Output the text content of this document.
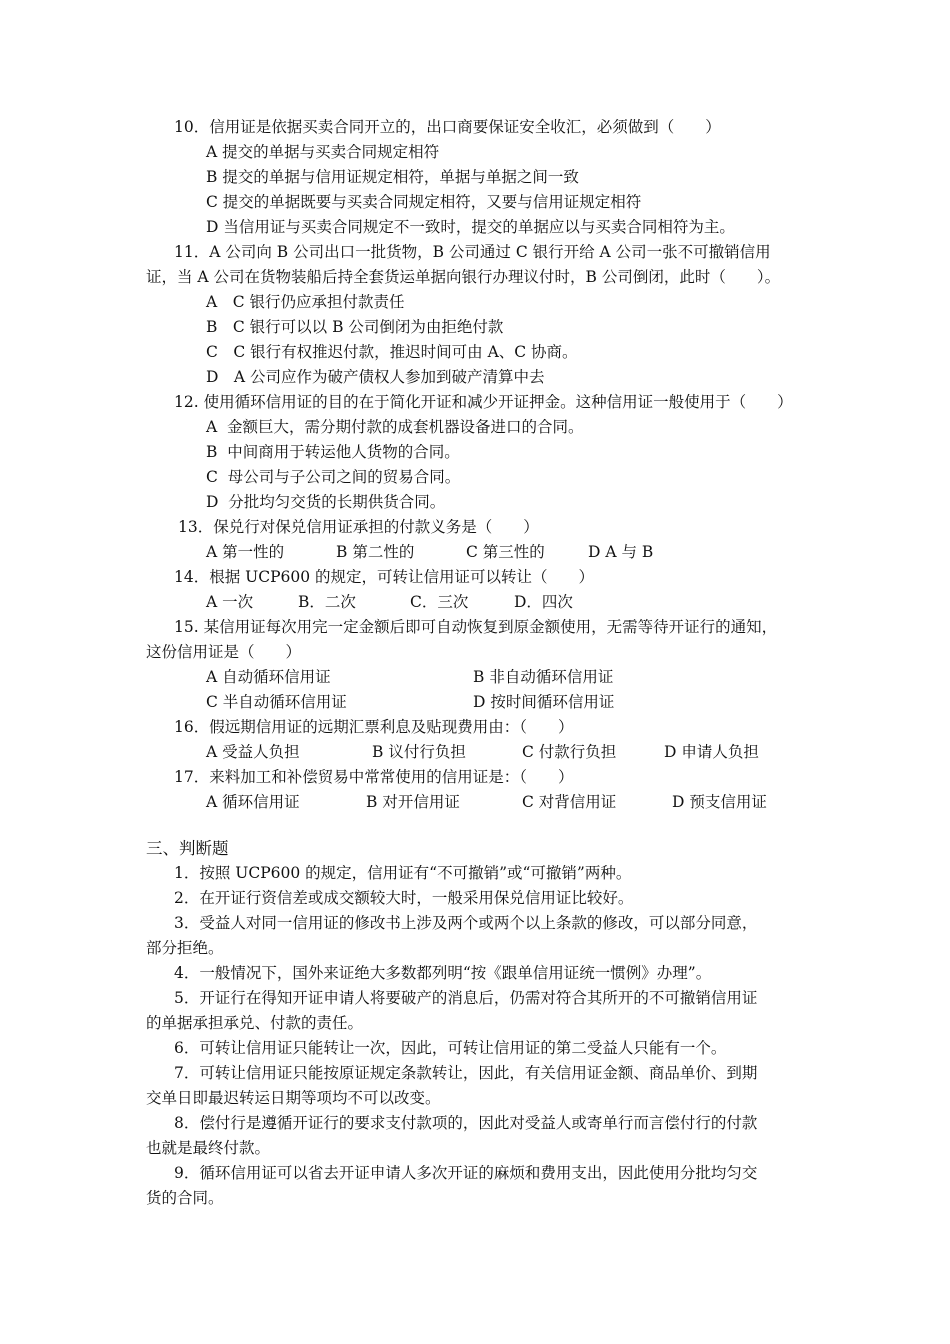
10．信用证是依据买卖合同开立的，出口商要保证安全收汇，必须做到（　　）
A 提交的单据与买卖合同规定相符
B 提交的单据与信用证规定相符，单据与单据之间一致
C 提交的单据既要与买卖合同规定相符，又要与信用证规定相符
D 当信用证与买卖合同规定不一致时，提交的单据应以与买卖合同相符为主。
11．A 公司向 B 公司出口一批货物，B 公司通过 C 银行开给 A 公司一张不可撤销信用
证，当 A 公司在货物装船后持全套货运单据向银行办理议付时，B 公司倒闭，此时（　　）。
A　C 银行仍应承担付款责任
B　C 银行可以以 B 公司倒闭为由拒绝付款
C　C 银行有权推迟付款，推迟时间可由 A、C 协商。
D　A 公司应作为破产债权人参加到破产清算中去
12. 使用循环信用证的目的在于简化开证和减少开证押金。这种信用证一般使用于（　　）
A  金额巨大，需分期付款的成套机器设备进口的合同。
B  中间商用于转运他人货物的合同。
C  母公司与子公司之间的贸易合同。
D  分批均匀交货的长期供货合同。
13．保兑行对保兑信用证承担的付款义务是（　　）

A 第一性的

	B 第二性的

	C 第三性的

	D A 与 B

14．根据 UCP600 的规定，可转让信用证可以转让（　　）

A 一次

	B．二次

	C．三次

	D．四次

15. 某信用证每次用完一定金额后即可自动恢复到原金额使用，无需等待开证行的通知，
这份信用证是（　　）

A 自动循环信用证

	B 非自动循环信用证

C 半自动循环信用证

	D 按时间循环信用证

16．假远期信用证的远期汇票利息及贴现费用由：（　　）

A 受益人负担

	B 议付行负担

	C 付款行负担

	D 申请人负担

17．来料加工和补偿贸易中常常使用的信用证是：（　　）

A 循环信用证

	B 对开信用证

	C 对背信用证

	D 预支信用证

三、判断题
1．按照 UCP600 的规定，信用证有“不可撤销”或“可撤销”两种。
2．在开证行资信差或成交额较大时，一般采用保兑信用证比较好。
3．受益人对同一信用证的修改书上涉及两个或两个以上条款的修改，可以部分同意，
部分拒绝。
4．一般情况下，国外来证绝大多数都列明“按《跟单信用证统一惯例》办理”。
5．开证行在得知开证申请人将要破产的消息后，仍需对符合其所开的不可撤销信用证
的单据承担承兑、付款的责任。
6．可转让信用证只能转让一次，因此，可转让信用证的第二受益人只能有一个。
7．可转让信用证只能按原证规定条款转让，因此，有关信用证金额、商品单价、到期
交单日即最迟转运日期等项均不可以改变。
8．偿付行是遵循开证行的要求支付款项的，因此对受益人或寄单行而言偿付行的付款
也就是最终付款。
9．循环信用证可以省去开证申请人多次开证的麻烦和费用支出，因此使用分批均匀交
货的合同。
